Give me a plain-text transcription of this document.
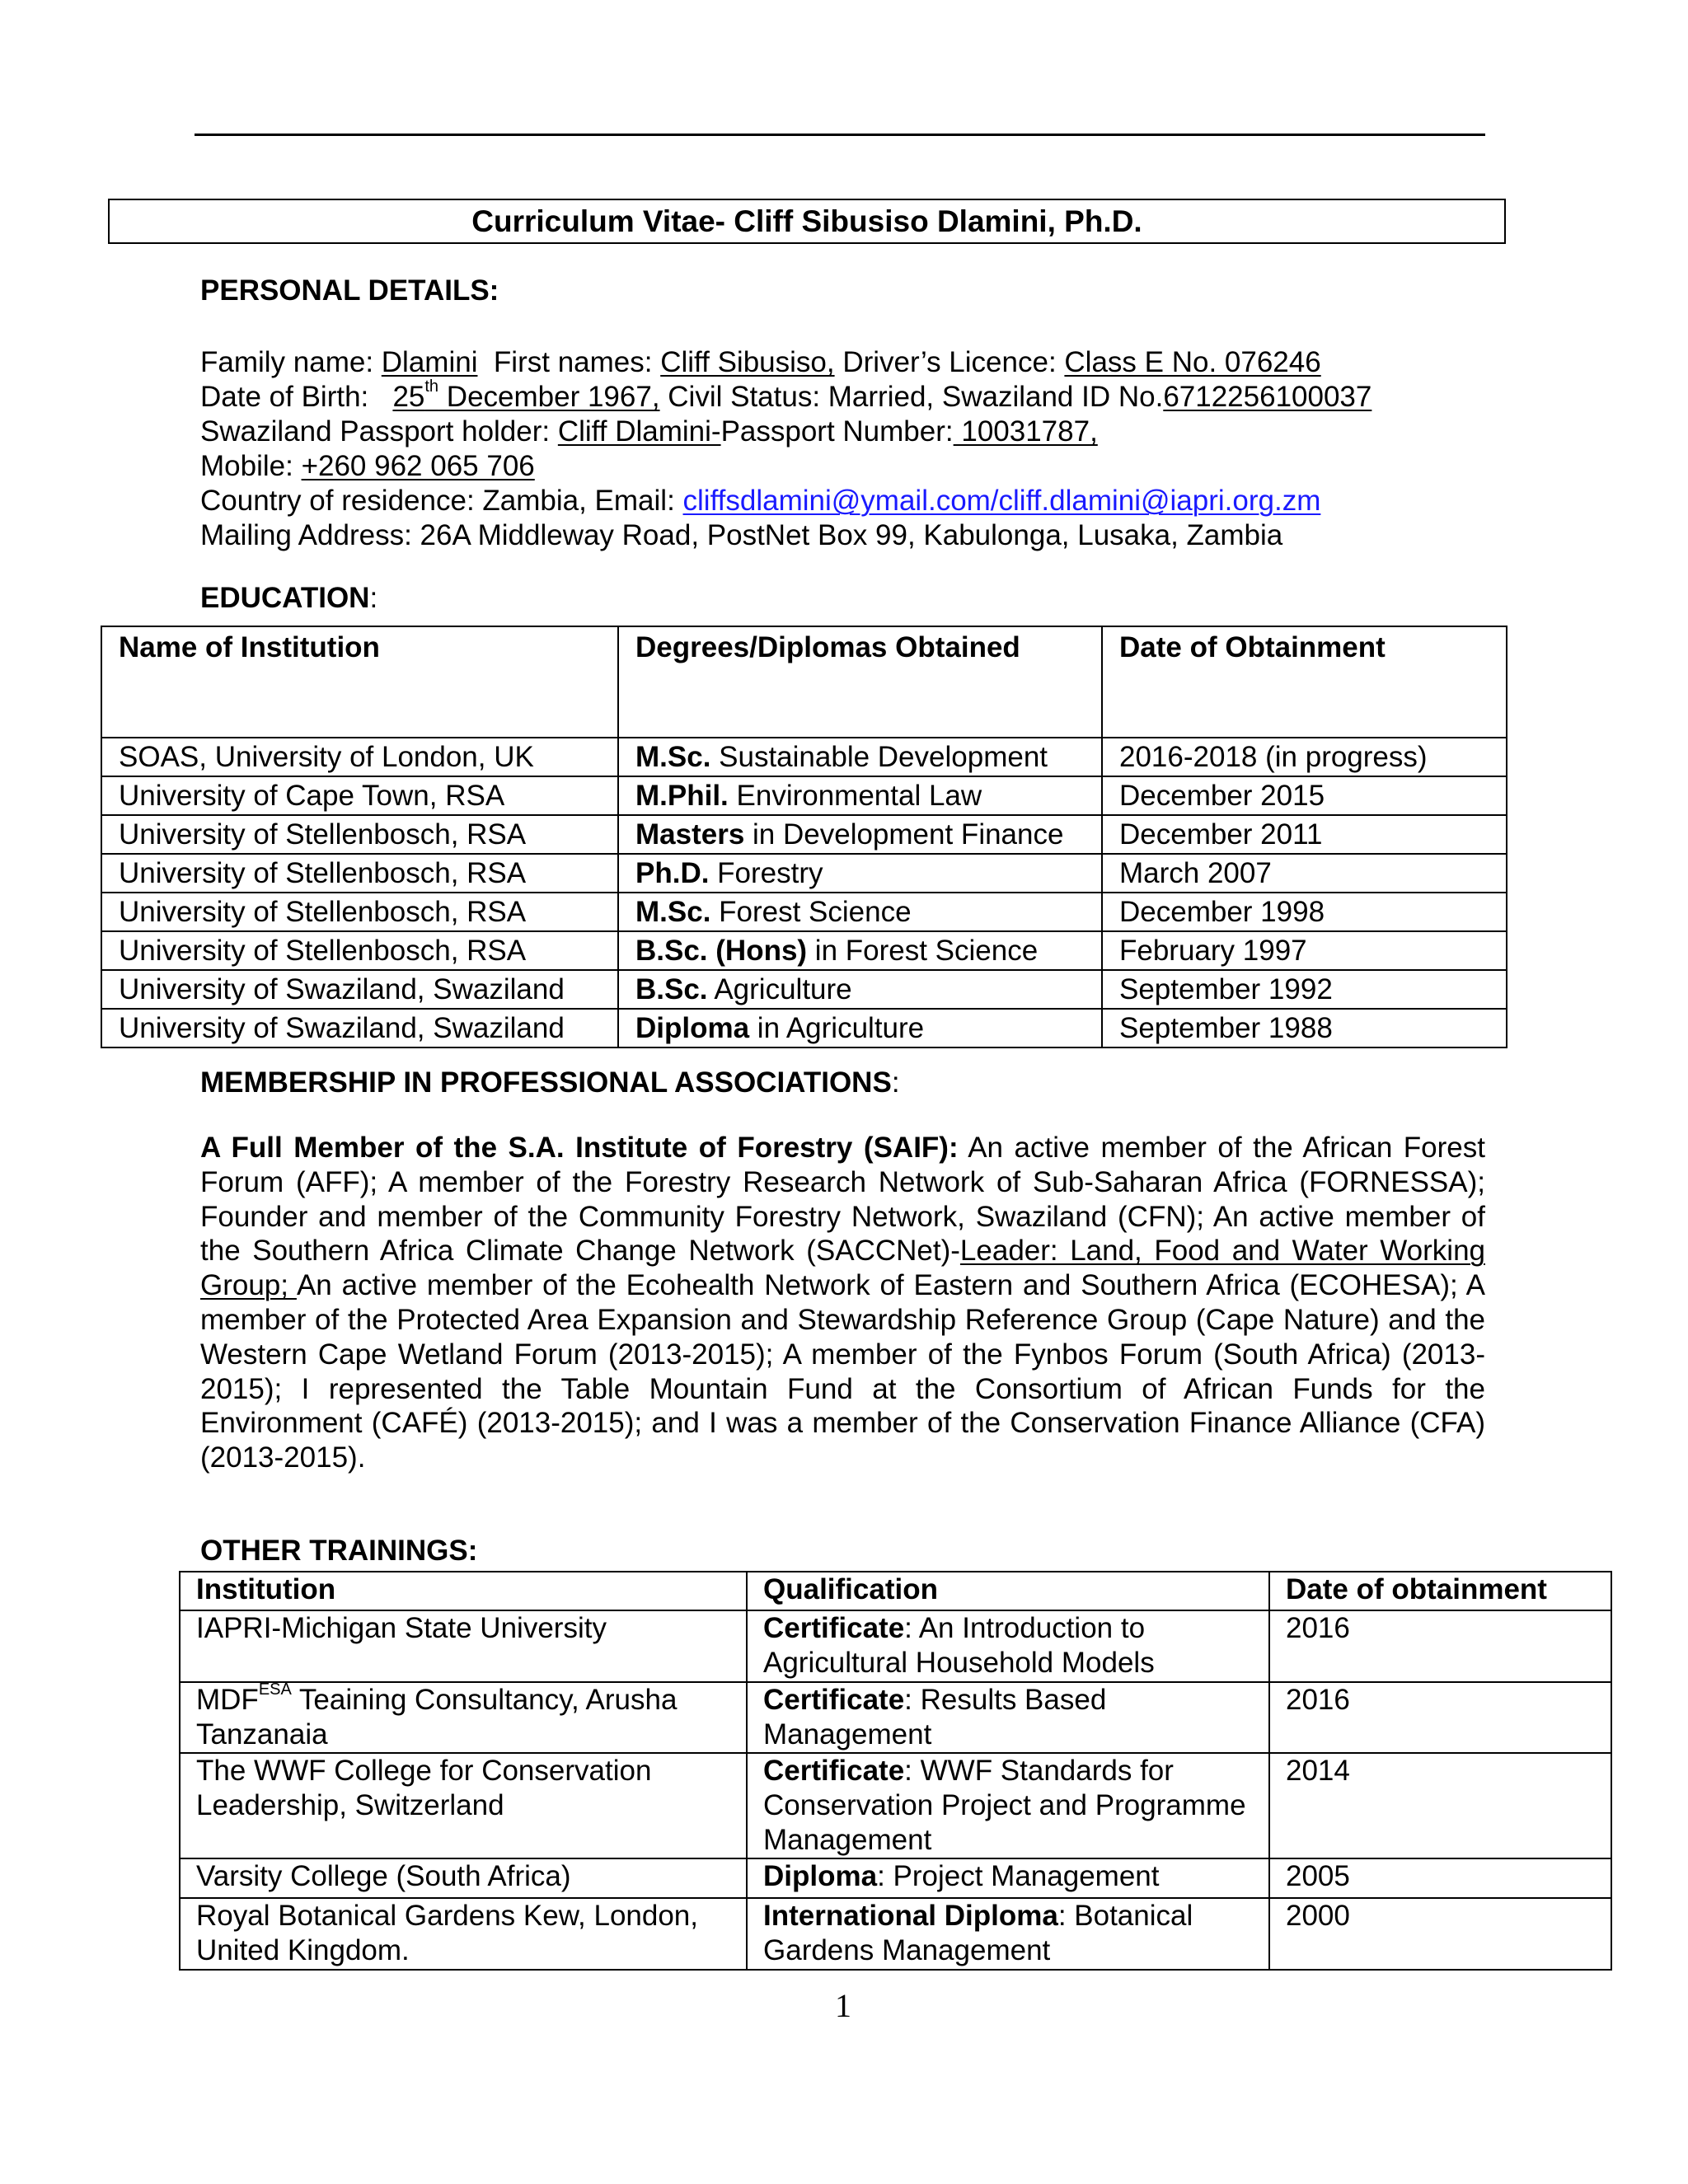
Curriculum Vitae- Cliff Sibusiso Dlamini, Ph.D.
PERSONAL DETAILS:
Family name: Dlamini  First names: Cliff Sibusiso, Driver’s Licence: Class E No. 076246
Date of Birth:   25th December 1967, Civil Status: Married, Swaziland ID No.6712256100037
Swaziland Passport holder: Cliff Dlamini-Passport Number: 10031787,
Mobile: +260 962 065 706
Country of residence: Zambia, Email: cliffsdlamini@ymail.com/cliff.dlamini@iapri.org.zm
Mailing Address: 26A Middleway Road, PostNet Box 99, Kabulonga, Lusaka, Zambia
EDUCATION:
Name of Institution	Degrees/Diplomas Obtained	Date of Obtainment
SOAS, University of London, UK	M.Sc. Sustainable Development	2016-2018 (in progress)
University of Cape Town, RSA	M.Phil. Environmental Law	December 2015
University of Stellenbosch, RSA	Masters in Development Finance	December 2011
University of Stellenbosch, RSA	Ph.D. Forestry	March 2007
University of Stellenbosch, RSA	M.Sc. Forest Science	December 1998
University of Stellenbosch, RSA	B.Sc. (Hons) in Forest Science	February 1997
University of Swaziland, Swaziland	B.Sc. Agriculture	September 1992
University of Swaziland, Swaziland	Diploma in Agriculture	September 1988
MEMBERSHIP IN PROFESSIONAL ASSOCIATIONS:
A Full Member of the S.A. Institute of Forestry (SAIF): An active member of the African Forest Forum (AFF); A member of the Forestry Research Network of Sub-Saharan Africa (FORNESSA); Founder and member of the Community Forestry Network, Swaziland (CFN); An active member of the Southern Africa Climate Change Network (SACCNet)-Leader: Land, Food and Water Working Group; An active member of the Ecohealth Network of Eastern and Southern Africa (ECOHESA); A member of the Protected Area Expansion and Stewardship Reference Group (Cape Nature) and the Western Cape Wetland Forum (2013-2015); A member of the Fynbos Forum (South Africa) (2013-2015); I represented the Table Mountain Fund at the Consortium of African Funds for the Environment (CAFÉ) (2013-2015); and I was a member of the Conservation Finance Alliance (CFA) (2013-2015).
OTHER TRAININGS:
Institution	Qualification	Date of obtainment
IAPRI-Michigan State University	Certificate: An Introduction to Agricultural Household Models	2016
$MDF^{ESA}$ Teaining Consultancy, Arusha Tanzanaia	Certificate: Results Based Management	2016
The WWF College for Conservation Leadership, Switzerland	Certificate: WWF Standards for Conservation Project and Programme Management	2014
Varsity College (South Africa)	Diploma: Project Management	2005
Royal Botanical Gardens Kew, London, United Kingdom.	International Diploma: Botanical Gardens Management	2000
1
